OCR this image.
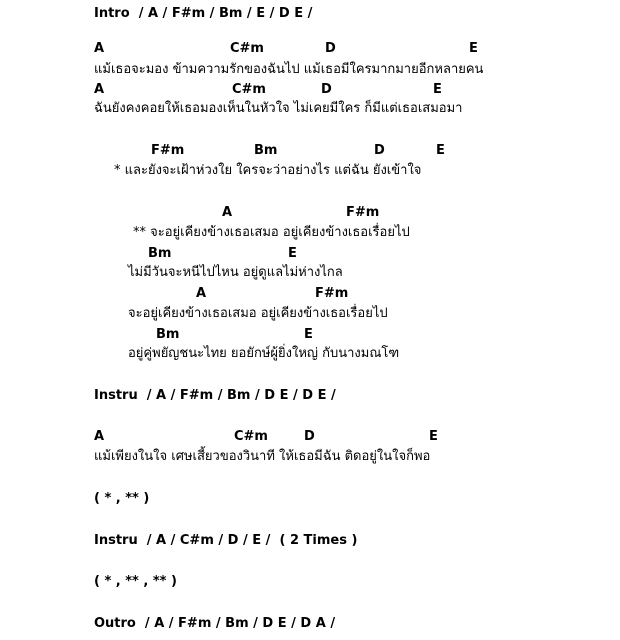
Intro  / A / F#m / Bm / E / D E /
A	C#m	D	E
แม้เธอจะมอง ข้ามความรักของฉันไป แม้เธอมีใครมากมายอีกหลายคน
A	C#m	D	E
ฉันยังคงคอยให้เธอมองเห็นในหัวใจ ไม่เคยมีใคร ก็มีแต่เธอเสมอมา
F#m	Bm	D	E
* และยังจะเฝ้าห่วงใย ใครจะว่าอย่างไร แต่ฉัน ยังเข้าใจ
A	F#m
** จะอยู่เคียงข้างเธอเสมอ อยู่เคียงข้างเธอเรื่อยไป
Bm	E
ไม่มีวันจะหนีไปไหน อยู่ดูแลไม่ห่างไกล
A	F#m
จะอยู่เคียงข้างเธอเสมอ อยู่เคียงข้างเธอเรื่อยไป
Bm	E
อยู่คู่พยัญชนะไทย ยอยักษ์ผู้ยิ่งใหญ่ กับนางมณโฑ
Instru  / A / F#m / Bm / D E / D E /
A	C#m	D	E
แม้เพียงในใจ เศษเสี้ยวของวินาที ให้เธอมีฉัน ติดอยู่ในใจก็พอ
( * , ** )
Instru  / A / C#m / D / E /  ( 2 Times )
( * , ** , ** )
Outro  / A / F#m / Bm / D E / D A /
